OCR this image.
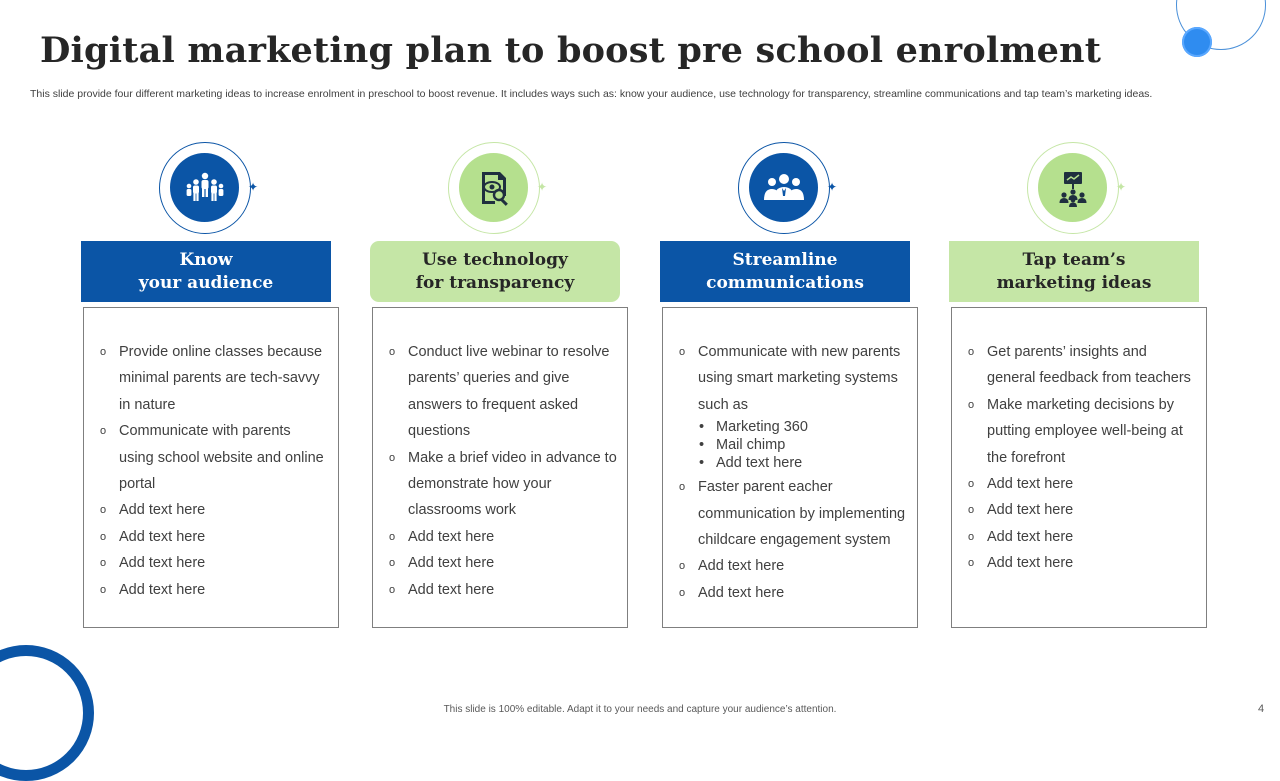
Digital marketing plan to boost pre school enrolment

This slide provide four different marketing ideas to increase enrolment in preschool to boost revenue. It includes ways such as: know your audience, use technology for transparency, streamline communications and tap team’s marketing ideas.

✦
Know
your audience
o Provide online classes because minimal parents are tech-savvy in nature
o Communicate with parents using school website and online portal
o Add text here
o Add text here
o Add text here
o Add text here
✦
Use technology
for transparency
o Conduct live webinar to resolve parents’ queries and give answers to frequent asked questions
o Make a brief video in advance to demonstrate how your classrooms work
o Add text here
o Add text here
o Add text here
✦
Streamline
communications
o Communicate with new parents using smart marketing systems such as
• Marketing 360
• Mail chimp
• Add text here
o Faster parent eacher communication by implementing childcare engagement system
o Add text here
o Add text here
✦
Tap team’s
marketing ideas
o Get parents’ insights and general feedback from teachers
o Make marketing decisions by putting employee well-being at the forefront
o Add text here
o Add text here
o Add text here
o Add text here

This slide is 100% editable. Adapt it to your needs and capture your audience’s attention.	4
